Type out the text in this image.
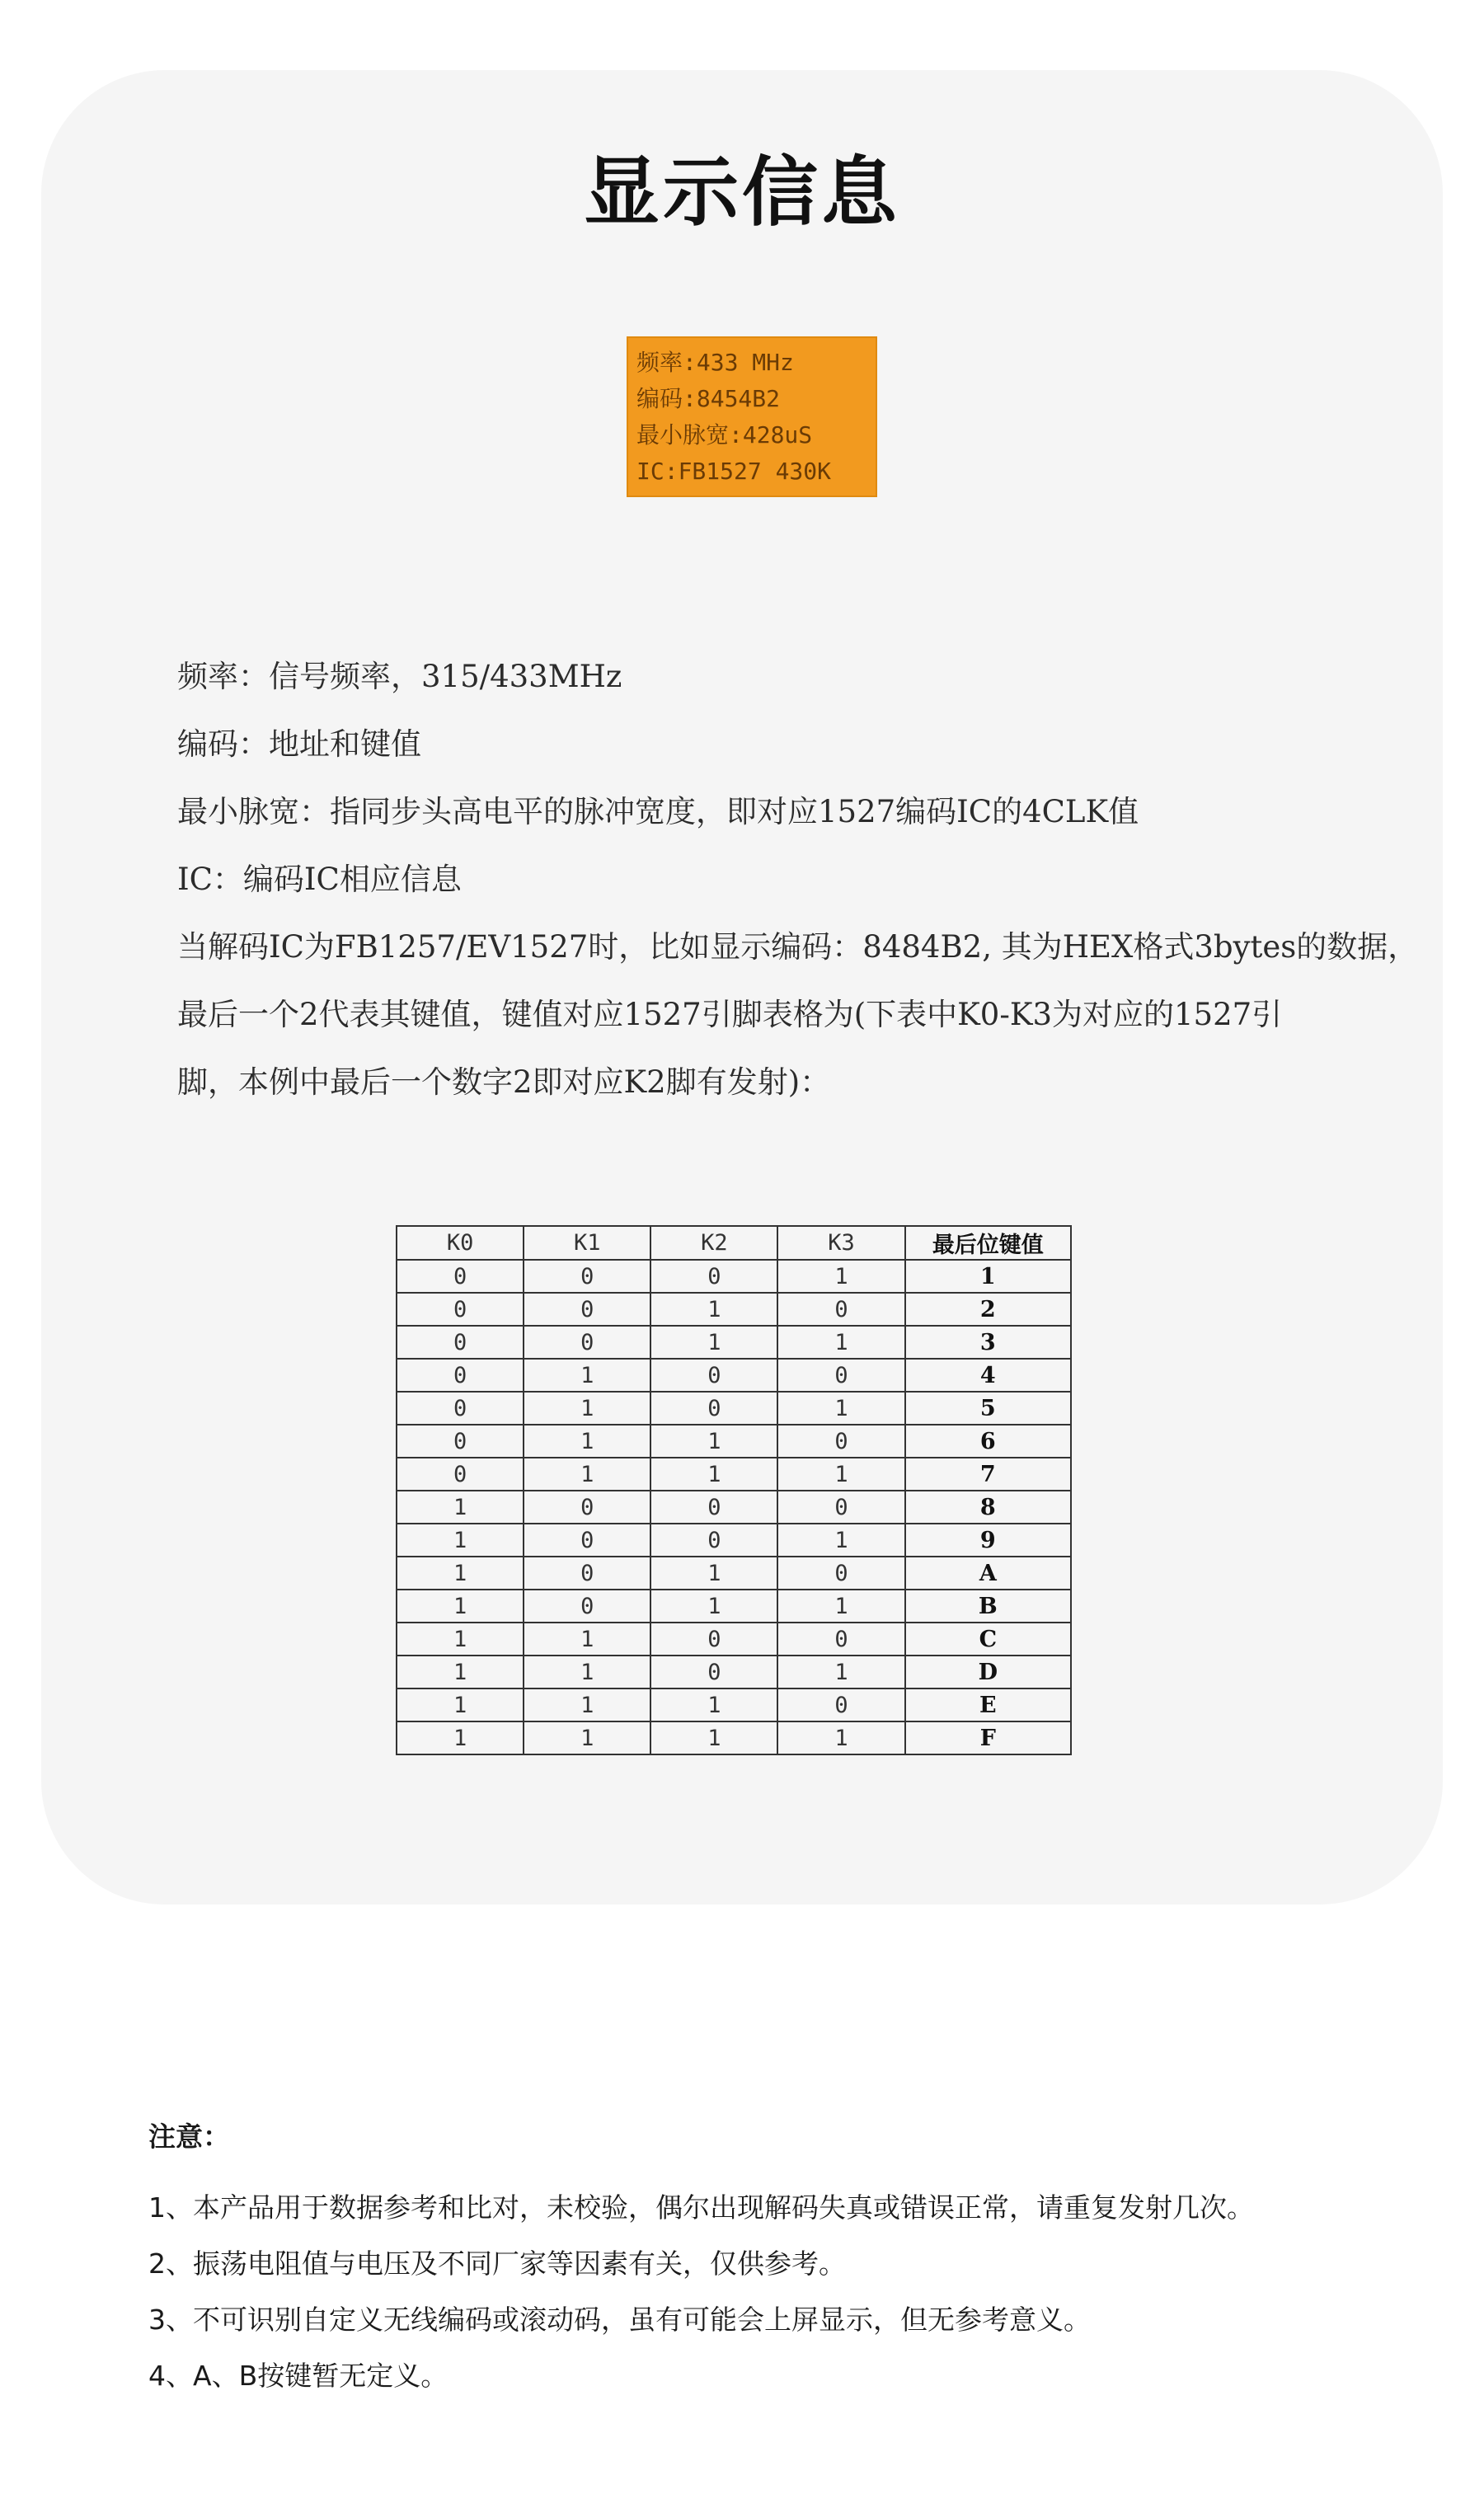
显示信息
频率:433 MHz
编码:8454B2
最小脉宽:428uS
IC:FB1527 430K

频率：信号频率，315/433MHz

编码：地址和键值

最小脉宽：指同步头高电平的脉冲宽度，即对应1527编码IC的4CLK值

IC：编码IC相应信息

当解码IC为FB1257/EV1527时，比如显示编码：8484B2, 其为HEX格式3bytes的数据，

最后一个2代表其键值，键值对应1527引脚表格为(下表中K0-K3为对应的1527引

脚，本例中最后一个数字2即对应K2脚有发射)：

K0	K1	K2	K3	最后位键值
0	0	0	1	1
0	0	1	0	2
0	0	1	1	3
0	1	0	0	4
0	1	0	1	5
0	1	1	0	6
0	1	1	1	7
1	0	0	0	8
1	0	0	1	9
1	0	1	0	A
1	0	1	1	B
1	1	0	0	C
1	1	0	1	D
1	1	1	0	E
1	1	1	1	F

注意：

1、本产品用于数据参考和比对，未校验，偶尔出现解码失真或错误正常，请重复发射几次。

2、振荡电阻值与电压及不同厂家等因素有关，仅供参考。

3、不可识别自定义无线编码或滚动码，虽有可能会上屏显示，但无参考意义。

4、A、B按键暂无定义。
